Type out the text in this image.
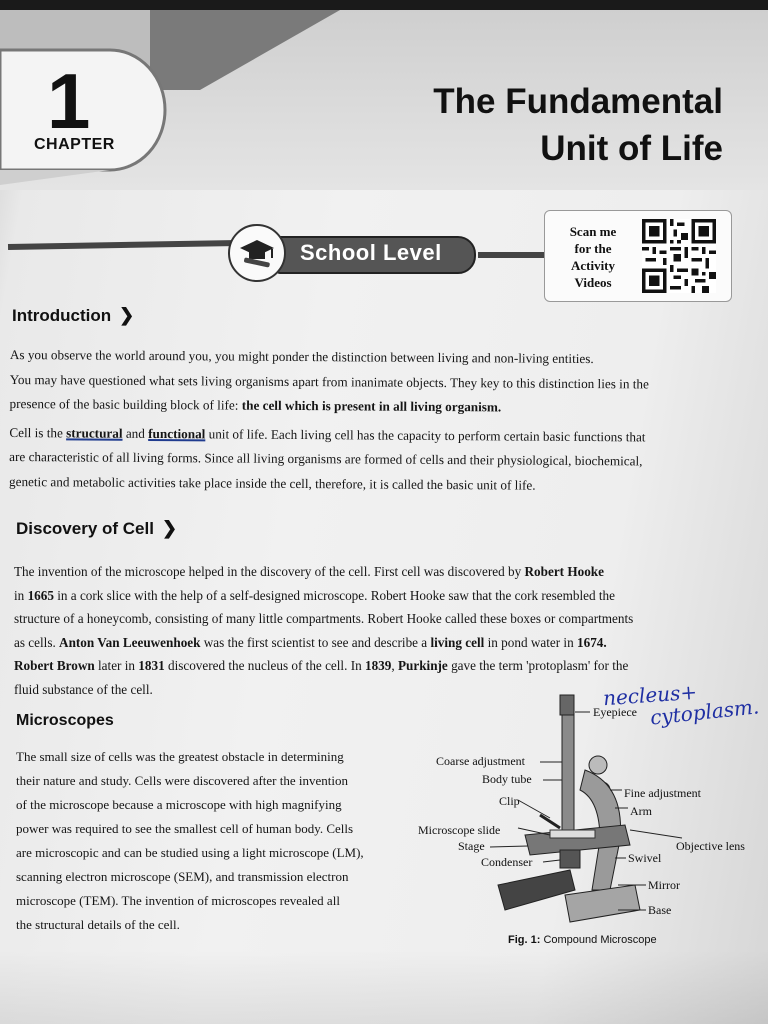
1
CHAPTER
The Fundamental
Unit of Life
School Level
Scan me
for the
Activity
Videos
Introduction ❯
As you observe the world around you, you might ponder the distinction between living and non-living entities.
You may have questioned what sets living organisms apart from inanimate objects. They key to this distinction lies in the
presence of the basic building block of life: the cell which is present in all living organism.
Cell is the structural and functional unit of life. Each living cell has the capacity to perform certain basic functions that
are characteristic of all living forms. Since all living organisms are formed of cells and their physiological, biochemical,
genetic and metabolic activities take place inside the cell, therefore, it is called the basic unit of life.
Discovery of Cell ❯
The invention of the microscope helped in the discovery of the cell. First cell was discovered by Robert Hooke
in 1665 in a cork slice with the help of a self-designed microscope. Robert Hooke saw that the cork resembled the
structure of a honeycomb, consisting of many little compartments. Robert Hooke called these boxes or compartments
as cells. Anton Van Leeuwenhoek was the first scientist to see and describe a living cell in pond water in 1674.
Robert Brown later in 1831 discovered the nucleus of the cell. In 1839, Purkinje gave the term 'protoplasm' for the
fluid substance of the cell.
Microscopes
The small size of cells was the greatest obstacle in determining
their nature and study. Cells were discovered after the invention
of the microscope because a microscope with high magnifying
power was required to see the smallest cell of human body. Cells
are microscopic and can be studied using a light microscope (LM),
scanning electron microscope (SEM), and transmission electron
microscope (TEM). The invention of microscopes revealed all
the structural details of the cell.
necleus+
cytoplasm.
Eyepiece
Coarse adjustment
Body tube
Fine adjustment
Clip
Arm
Microscope slide
Objective lens
Stage
Swivel
Condenser
Mirror
Base
Fig. 1: Compound Microscope
